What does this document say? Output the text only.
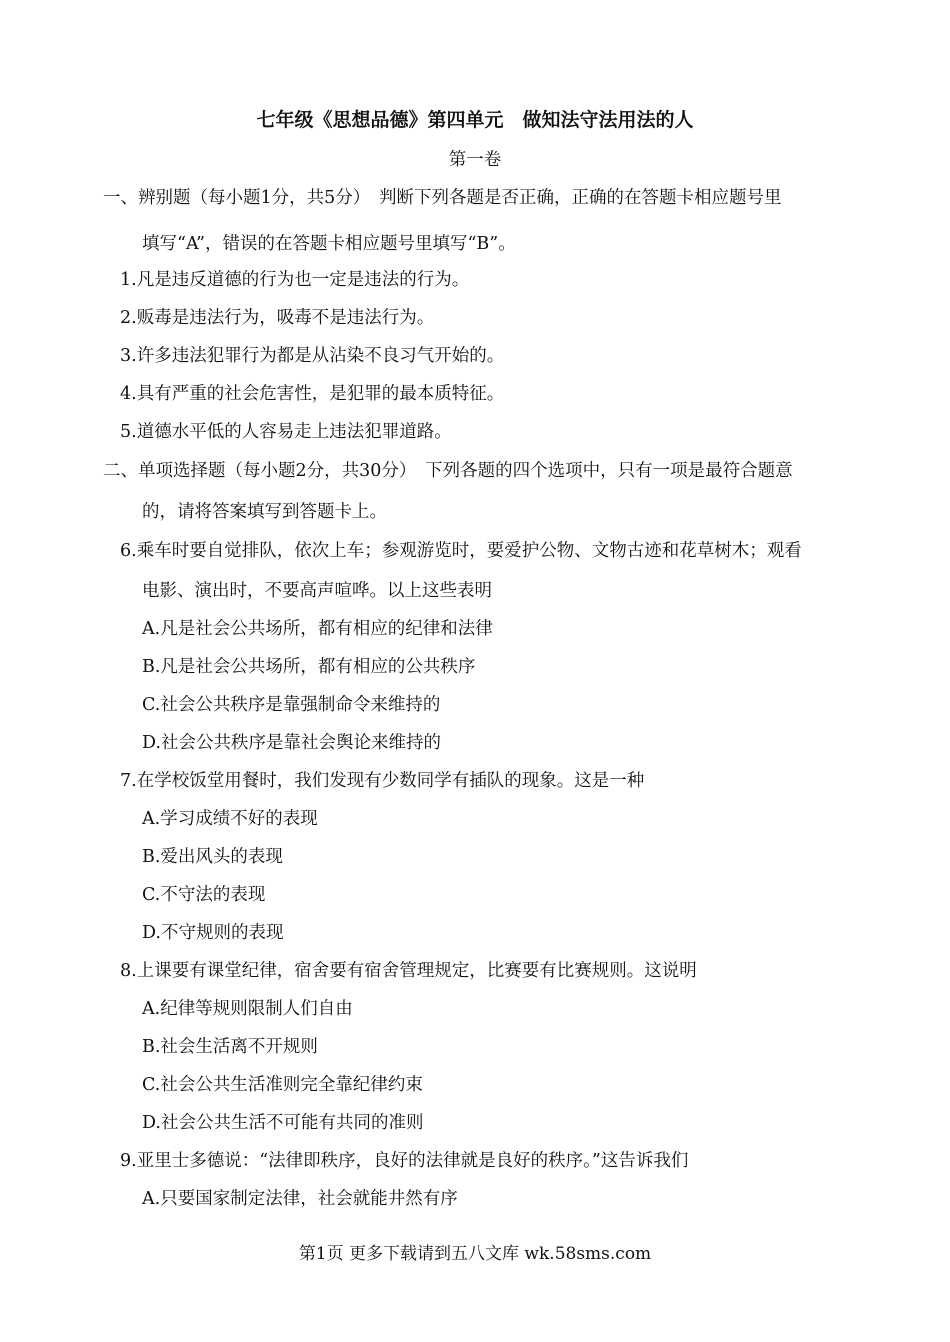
七年级《思想品德》第四单元　做知法守法用法的人
第一卷
一、辨别题（每小题1分，共5分）　判断下列各题是否正确，正确的在答题卡相应题号里
填写“A”，错误的在答题卡相应题号里填写“B”。
1.凡是违反道德的行为也一定是违法的行为。
2.贩毒是违法行为，吸毒不是违法行为。
3.许多违法犯罪行为都是从沾染不良习气开始的。
4.具有严重的社会危害性，是犯罪的最本质特征。
5.道德水平低的人容易走上违法犯罪道路。
二、单项选择题（每小题2分，共30分）　下列各题的四个选项中，只有一项是最符合题意
的，请将答案填写到答题卡上。
6.乘车时要自觉排队，依次上车；参观游览时，要爱护公物、文物古迹和花草树木；观看
电影、演出时，不要高声喧哗。以上这些表明
A.凡是社会公共场所，都有相应的纪律和法律
B.凡是社会公共场所，都有相应的公共秩序
C.社会公共秩序是靠强制命令来维持的
D.社会公共秩序是靠社会舆论来维持的
7.在学校饭堂用餐时，我们发现有少数同学有插队的现象。这是一种
A.学习成绩不好的表现
B.爱出风头的表现
C.不守法的表现
D.不守规则的表现
8.上课要有课堂纪律，宿舍要有宿舍管理规定，比赛要有比赛规则。这说明
A.纪律等规则限制人们自由
B.社会生活离不开规则
C.社会公共生活准则完全靠纪律约束
D.社会公共生活不可能有共同的准则
9.亚里士多德说：“法律即秩序，良好的法律就是良好的秩序。”这告诉我们
A.只要国家制定法律，社会就能井然有序
第1页 更多下载请到五八文库 wk.58sms.com
